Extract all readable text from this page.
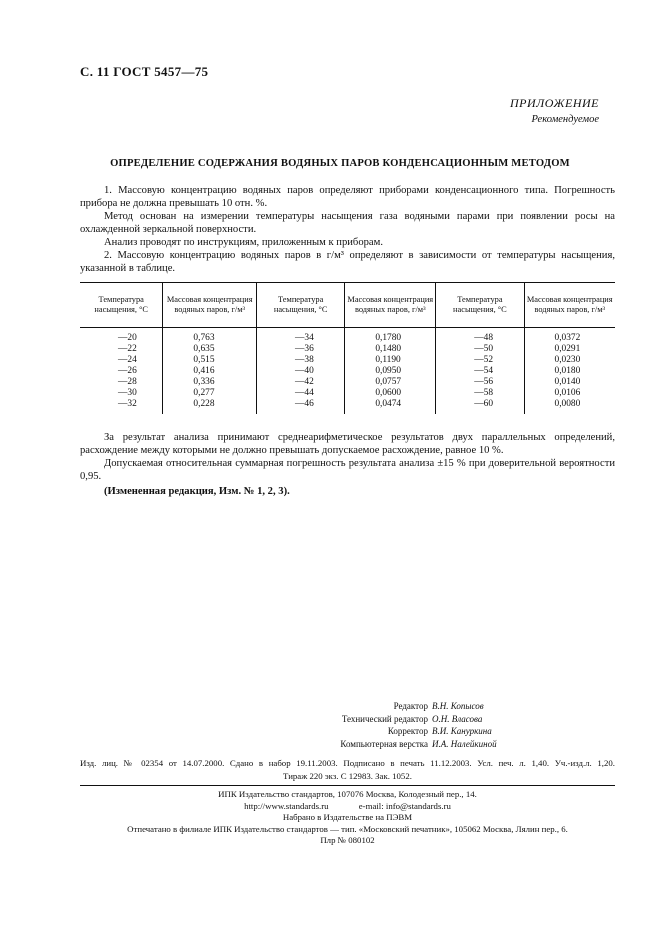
С. 11 ГОСТ 5457—75
ПРИЛОЖЕНИЕ
Рекомендуемое
ОПРЕДЕЛЕНИЕ СОДЕРЖАНИЯ ВОДЯНЫХ ПАРОВ КОНДЕНСАЦИОННЫМ МЕТОДОМ

1. Массовую концентрацию водяных паров определяют приборами конденсационного типа. Погрешность прибора не должна превышать 10 отн. %.

Метод основан на измерении температуры насыщения газа водяными парами при появлении росы на охлажденной зеркальной поверхности.

Анализ проводят по инструкциям, приложенным к приборам.

2. Массовую концентрацию водяных паров в г/м³ определяют в зависимости от температуры насыщения, указанной в таблице.

Температура насыщения, °С	Массовая концентрация водяных паров, г/м³	Температура насыщения, °С	Массовая концентрация водяных паров, г/м³	Температура насыщения, °С	Массовая концентрация водяных паров, г/м³
—20	0,763	—34	0,1780	—48	0,0372
—22	0,635	—36	0,1480	—50	0,0291
—24	0,515	—38	0,1190	—52	0,0230
—26	0,416	—40	0,0950	—54	0,0180
—28	0,336	—42	0,0757	—56	0,0140
—30	0,277	—44	0,0600	—58	0,0106
—32	0,228	—46	0,0474	—60	0,0080

За результат анализа принимают среднеарифметическое результатов двух параллельных определений, расхождение между которыми не должно превышать допускаемое расхождение, равное 10 %.

Допускаемая относительная суммарная погрешность результата анализа ±15 % при доверительной вероятности 0,95.

(Измененная редакция, Изм. № 1, 2, 3).

Редактор В.Н. Копысов
Технический редактор О.Н. Власова
Корректор В.И. Кануркина
Компьютерная верстка И.А. Налейкиной
Изд. лиц. № 02354 от 14.07.2000. Сдано в набор 19.11.2003. Подписано в печать 11.12.2003. Усл. печ. л. 1,40. Уч.-изд.л. 1,20.
Тираж 220 экз. С 12983. Зак. 1052.
ИПК Издательство стандартов, 107076 Москва, Колодезный пер., 14.
http://www.standards.ru	e-mail: info@standards.ru
Набрано в Издательстве на ПЭВМ
Отпечатано в филиале ИПК Издательство стандартов — тип. «Московский печатник», 105062 Москва, Лялин пер., 6.
Плр № 080102
